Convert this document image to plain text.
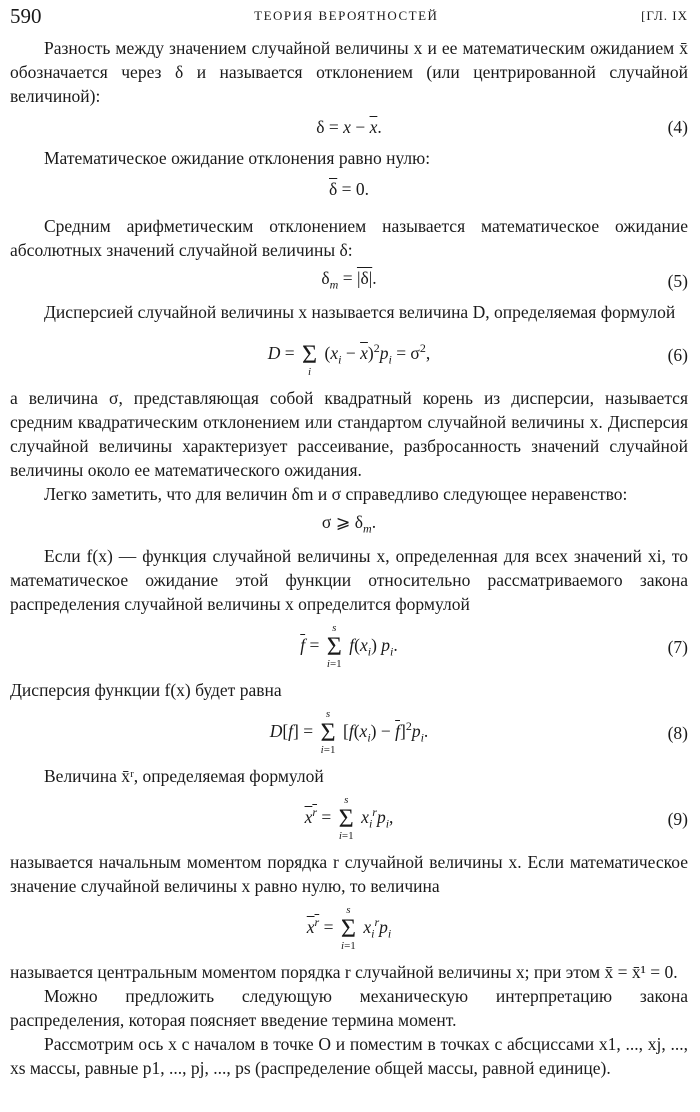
590	ТЕОРИЯ ВЕРОЯТНОСТЕЙ	[ГЛ. IX

Разность между значением случайной величины x и ее математическим ожиданием x̄ обозначается через δ и называется отклонением (или центрированной случайной величиной):

$\delta = x - \overline{x}$.	(4)

Математическое ожидание отклонения равно нулю:

$\overline{\delta} = 0$.

Средним арифметическим отклонением называется математическое ожидание абсолютных значений случайной величины δ:

$\delta_m = |\delta|$.	(5)

Дисперсией случайной величины x называется величина D, определяемая формулой

D = Σ
i
$(x_i - \overline{x})^2p_i = \sigma^2$,	(6)

а величина σ, представляющая собой квадратный корень из дисперсии, называется средним квадратическим отклонением или стандартом случайной величины x. Дисперсия случайной величины характеризует рассеивание, разбросанность значений случайной величины около ее математического ожидания.

Легко заметить, что для величин δm и σ справедливо следующее неравенство:

σ ⩾ $\delta_m$.

Если f(x) — функция случайной величины x, определенная для всех значений xi, то математическое ожидание этой функции относительно рассматриваемого закона распределения случайной величины x определится формулой

$\overline{f}$ =
s
Σ
i=1
$f(x_i)$ $p_i$.	(7)

Дисперсия функции f(x) будет равна

D[f] =
s
Σ
i=1
$[f(x_i) - \overline{f}]^2p_i$.	(8)

Величина x̄ʳ, определяемая формулой

$x^r$ =
s
Σ
i=1
$x_i^rp_i$,	(9)

называется начальным моментом порядка r случайной величины x. Если математическое значение случайной величины x равно нулю, то величина

$x^r$ =
s
Σ
i=1
$x_i^rp_i$

называется центральным моментом порядка r случайной величины x; при этом x̄ = x̄¹ = 0.

Можно предложить следующую механическую интерпретацию закона распределения, которая поясняет введение термина момент.

Рассмотрим ось x с началом в точке O и поместим в точках с абсциссами x1, ..., xj, ..., xs массы, равные p1, ..., pj, ..., ps (распределение общей массы, равной единице).
